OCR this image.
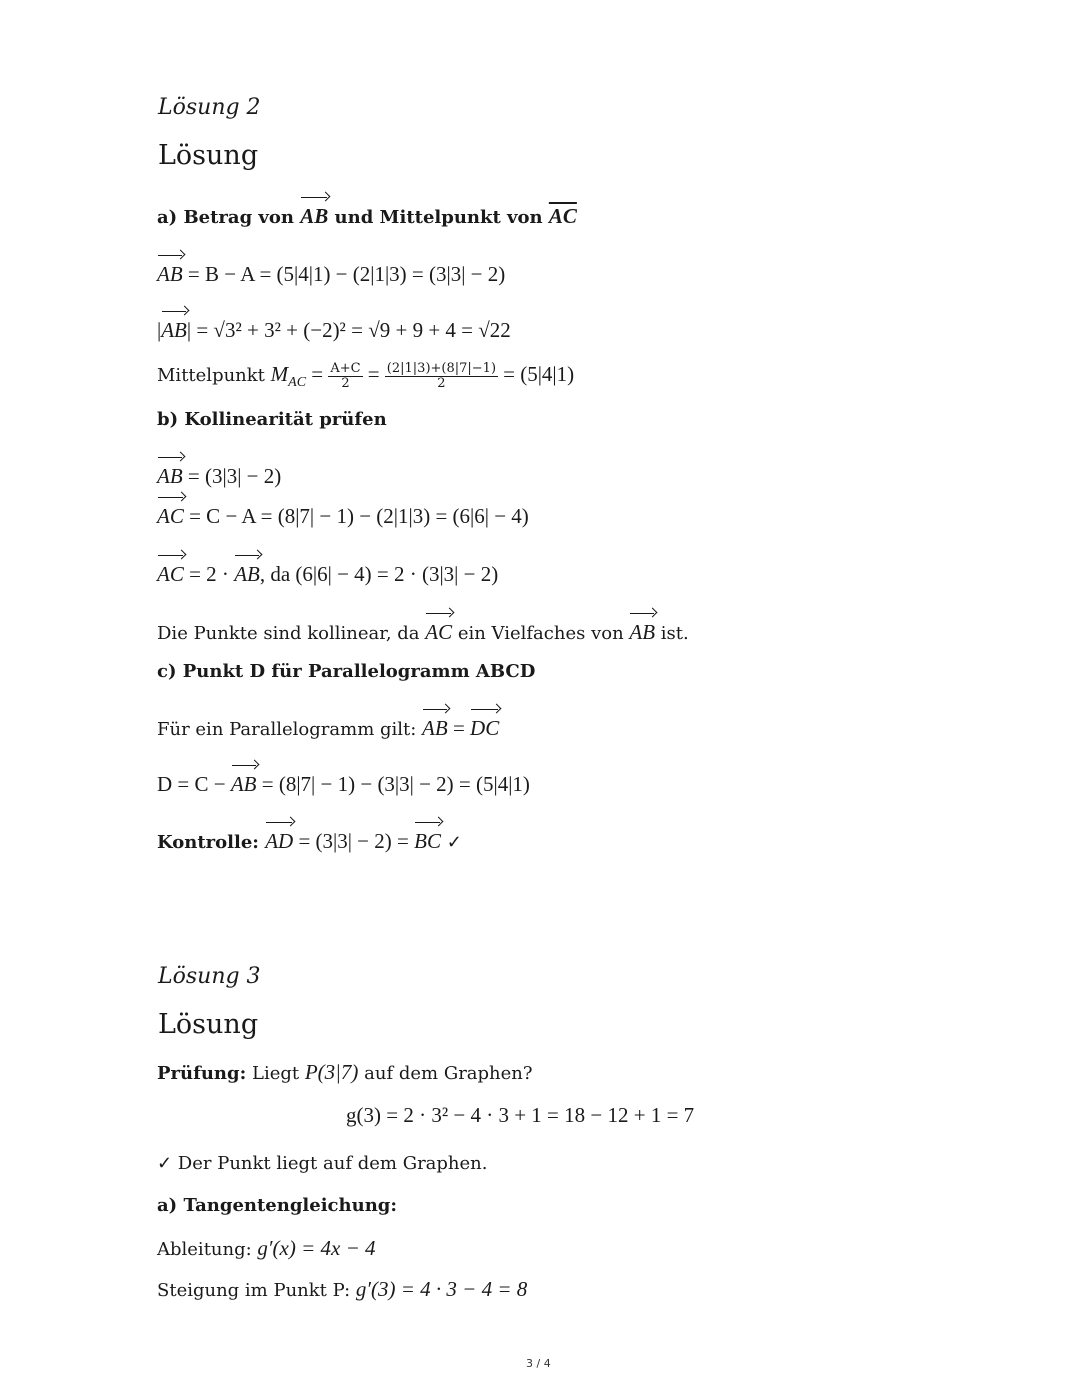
Lösung 2
Lösung
a) Betrag von AB und Mittelpunkt von $\overline{AC}$
AB = B − A = (5|4|1) − (2|1|3) = (3|3| − 2)
|AB| = √3² + 3² + (−2)² = √9 + 9 + 4 = √22
Mittelpunkt $M_{AC} = \frac{A+C}{2} = \frac{(2|1|3)+(8|7|-1)}{2} = (5|4|1)$
b) Kollinearität prüfen
AB = (3|3| − 2)
AC = C − A = (8|7| − 1) − (2|1|3) = (6|6| − 4)
AC = 2 · AB, da (6|6| − 4) = 2 · (3|3| − 2)
Die Punkte sind kollinear, da AC ein Vielfaches von AB ist.
c) Punkt D für Parallelogramm ABCD
Für ein Parallelogramm gilt: AB = DC
D = C − AB = (8|7| − 1) − (3|3| − 2) = (5|4|1)
Kontrolle: AD = (3|3| − 2) = BC ✓
Lösung 3
Lösung
Prüfung: Liegt P(3|7) auf dem Graphen?
g(3) = 2 · 3² − 4 · 3 + 1 = 18 − 12 + 1 = 7
✓ Der Punkt liegt auf dem Graphen.
a) Tangentengleichung:
Ableitung: g′(x) = 4x − 4
Steigung im Punkt P: g′(3) = 4 · 3 − 4 = 8
3 / 4
